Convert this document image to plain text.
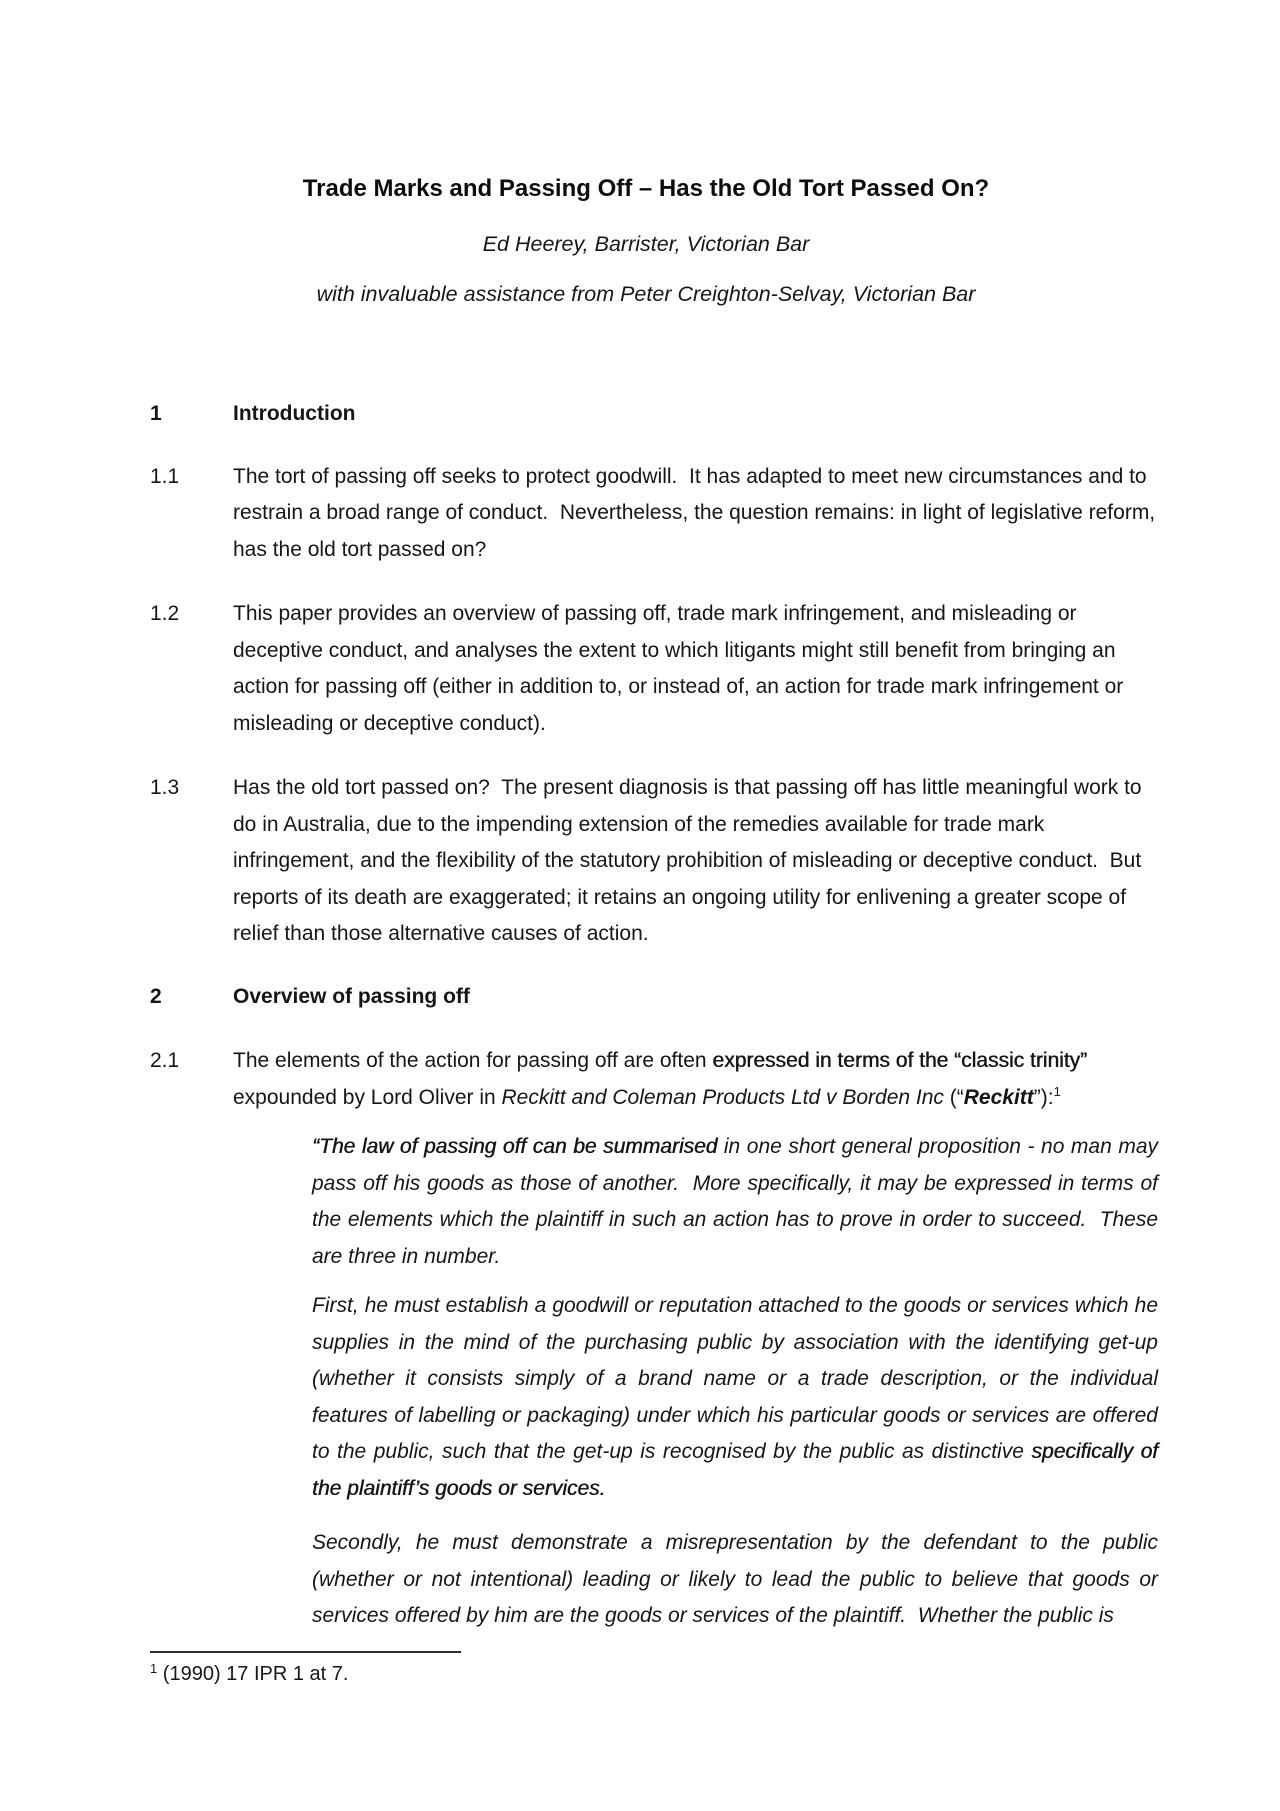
Trade Marks and Passing Off – Has the Old Tort Passed On?

Ed Heerey, Barrister, Victorian Bar

with invaluable assistance from Peter Creighton-Selvay, Victorian Bar

1	Introduction
1.1	The tort of passing off seeks to protect goodwill.  It has adapted to meet new circumstances and to restrain a broad range of conduct.  Nevertheless, the question remains: in light of legislative reform, has the old tort passed on?

1.2	This paper provides an overview of passing off, trade mark infringement, and misleading or deceptive conduct, and analyses the extent to which litigants might still benefit from bringing an action for passing off (either in addition to, or instead of, an action for trade mark infringement or misleading or deceptive conduct).

1.3	Has the old tort passed on?  The present diagnosis is that passing off has little meaningful work to do in Australia, due to the impending extension of the remedies available for trade mark infringement, and the flexibility of the statutory prohibition of misleading or deceptive conduct.  But reports of its death are exaggerated; it retains an ongoing utility for enlivening a greater scope of relief than those alternative causes of action.

2	Overview of passing off
2.1	The elements of the action for passing off are often expressed in terms of the “classic trinity” expounded by Lord Oliver in Reckitt and Coleman Products Ltd v Borden Inc (“Reckitt”):$^1$

“The law of passing off can be summarised in one short general proposition - no man may pass off his goods as those of another.  More specifically, it may be expressed in terms of the elements which the plaintiff in such an action has to prove in order to succeed.  These are three in number.

First, he must establish a goodwill or reputation attached to the goods or services which he supplies in the mind of the purchasing public by association with the identifying get-up (whether it consists simply of a brand name or a trade description, or the individual features of labelling or packaging) under which his particular goods or services are offered to the public, such that the get-up is recognised by the public as distinctive specifically of the plaintiff’s goods or services.

Secondly, he must demonstrate a misrepresentation by the defendant to the public (whether or not intentional) leading or likely to lead the public to believe that goods or services offered by him are the goods or services of the plaintiff.  Whether the public is

$^1$ (1990) 17 IPR 1 at 7.
